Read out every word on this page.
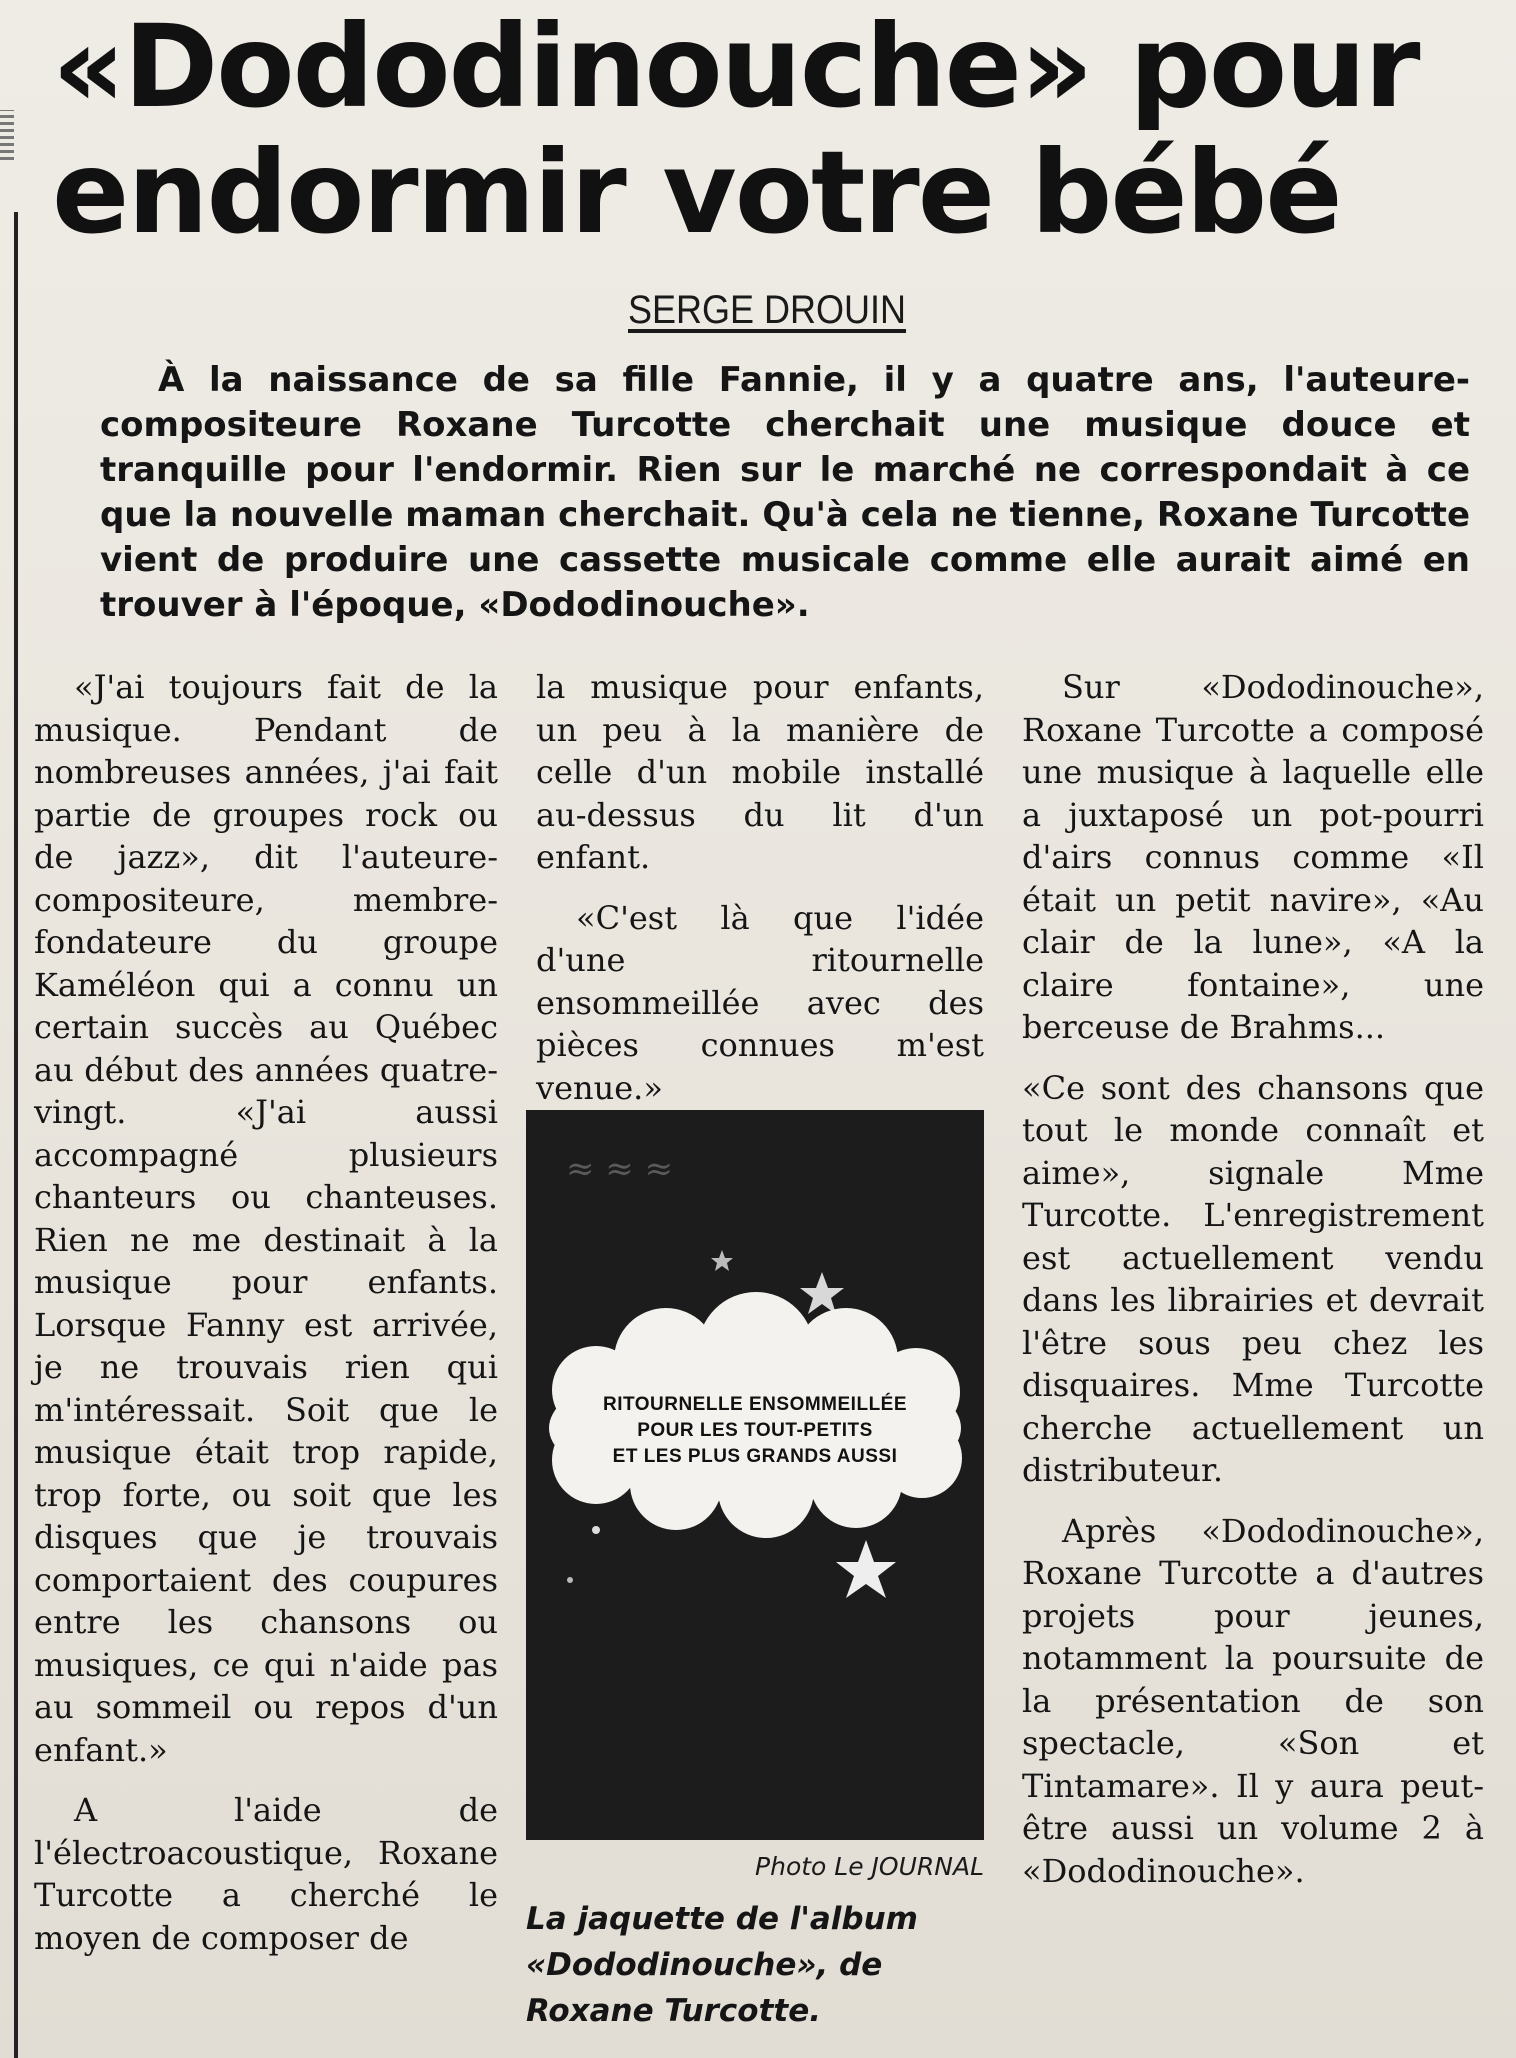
«Dododinouche» pour
endormir votre bébé

SERGE DROUIN

À la naissance de sa fille Fannie, il y a quatre ans, l'auteure-compositeure Roxane Turcotte cherchait une musique douce et tranquille pour l'endormir. Rien sur le marché ne correspondait à ce que la nouvelle maman cherchait. Qu'à cela ne tienne, Roxane Turcotte vient de produire une cassette musicale comme elle aurait aimé en trouver à l'époque, «Dododinouche».

«J'ai toujours fait de la musique. Pendant de nombreuses années, j'ai fait partie de groupes rock ou de jazz», dit l'auteure-compositeure, membre-fondateure du groupe Kaméléon qui a connu un certain succès au Québec au début des années quatre-vingt. «J'ai aussi accompagné plusieurs chanteurs ou chanteuses. Rien ne me destinait à la musique pour enfants. Lorsque Fanny est arrivée, je ne trouvais rien qui m'intéressait. Soit que le musique était trop rapide, trop forte, ou soit que les disques que je trouvais comportaient des coupures entre les chansons ou musiques, ce qui n'aide pas au sommeil ou repos d'un enfant.»

A l'aide de l'électroacoustique, Roxane Turcotte a cherché le moyen de composer de

la musique pour enfants, un peu à la manière de celle d'un mobile installé au-dessus du lit d'un enfant.

«C'est là que l'idée d'une ritournelle ensommeillée avec des pièces connues m'est venue.»

≈ ≈ ≈
RITOURNELLE ENSOMMEILLÉE
POUR LES TOUT-PETITS
ET LES PLUS GRANDS AUSSI

Photo Le JOURNAL

La jaquette de l'album «Dododinouche», de Roxane Turcotte.

Sur «Dododinouche», Roxane Turcotte a composé une musique à laquelle elle a juxtaposé un pot-pourri d'airs connus comme «Il était un petit navire», «Au clair de la lune», «A la claire fontaine», une berceuse de Brahms...

«Ce sont des chansons que tout le monde connaît et aime», signale Mme Turcotte. L'enregistrement est actuellement vendu dans les librairies et devrait l'être sous peu chez les disquaires. Mme Turcotte cherche actuellement un distributeur.

Après «Dododinouche», Roxane Turcotte a d'autres projets pour jeunes, notamment la poursuite de la présentation de son spectacle, «Son et Tintamare». Il y aura peut-être aussi un volume 2 à «Dododinouche».
